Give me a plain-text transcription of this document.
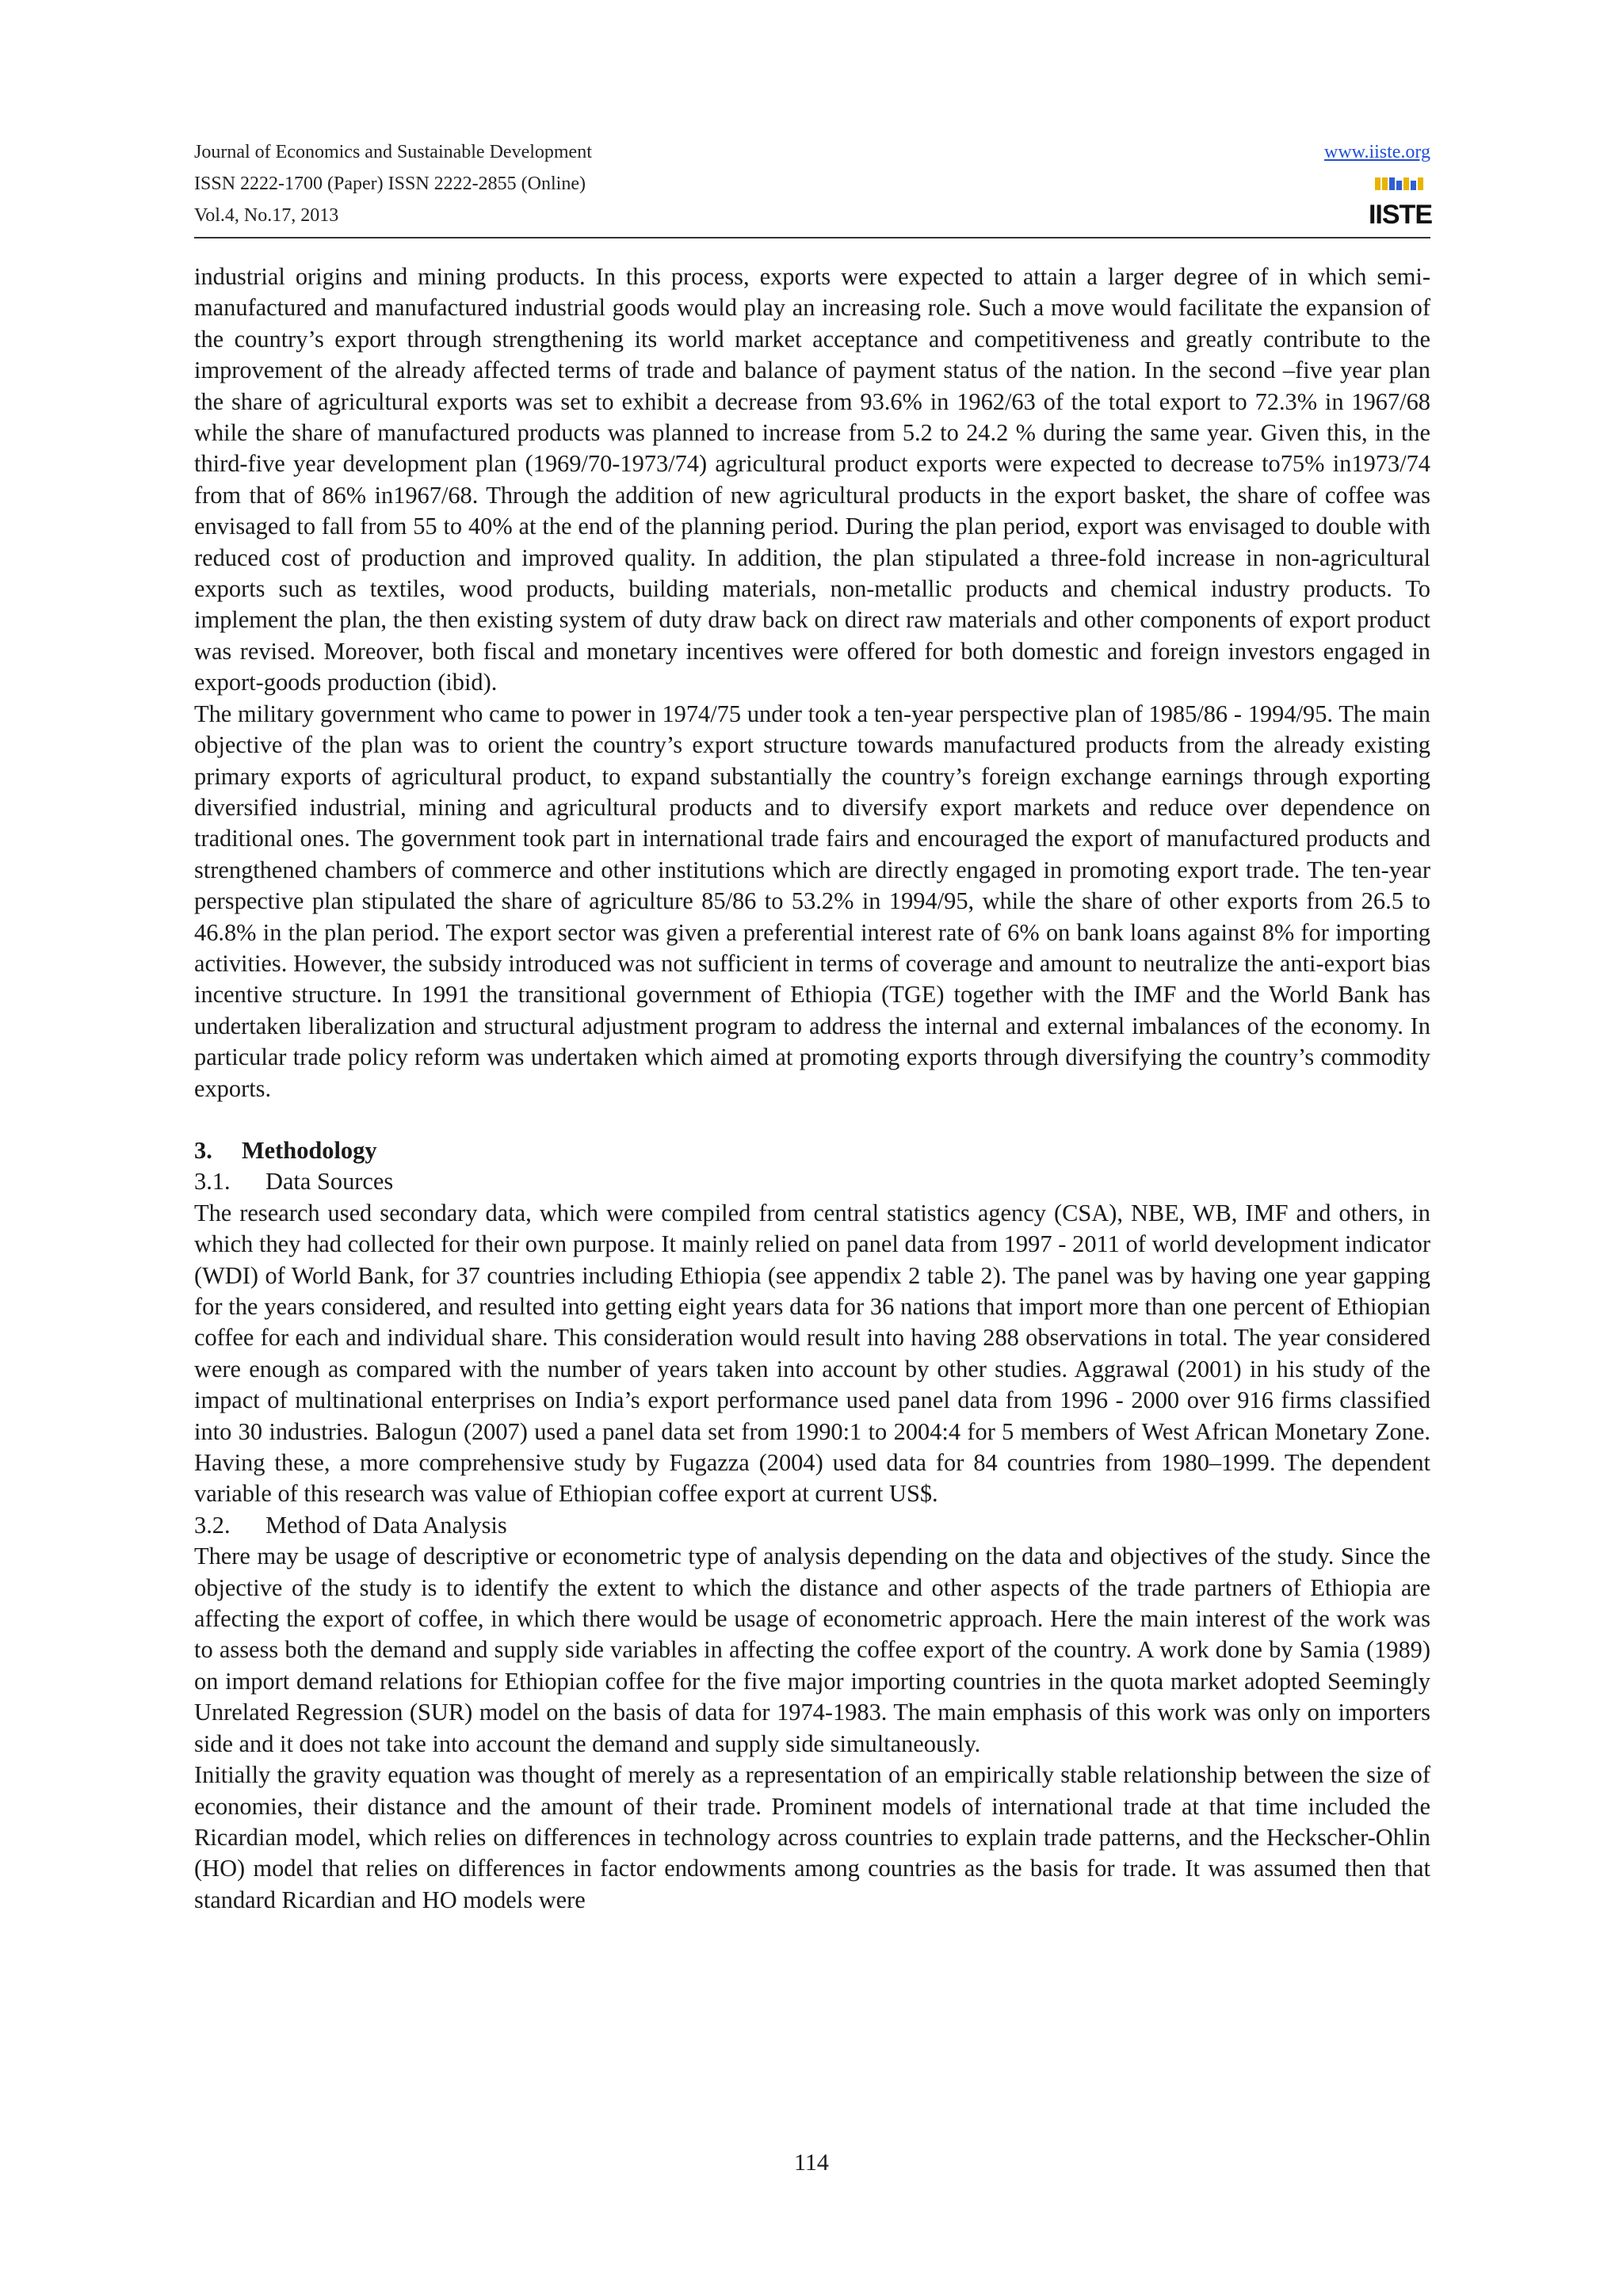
Journal of Economics and Sustainable Development
ISSN 2222-1700 (Paper) ISSN 2222-2855 (Online)
Vol.4, No.17, 2013
www.iiste.org
IISTE

industrial origins and mining products. In this process, exports were expected to attain a larger degree of in which semi-manufactured and manufactured industrial goods would play an increasing role. Such a move would facilitate the expansion of the country’s export through strengthening its world market acceptance and competitiveness and greatly contribute to the improvement of the already affected terms of trade and balance of payment status of the nation. In the second –five year plan the share of agricultural exports was set to exhibit a decrease from 93.6% in 1962/63 of the total export to 72.3% in 1967/68 while the share of manufactured products was planned to increase from 5.2 to 24.2 % during the same year. Given this, in the third-five year development plan (1969/70-1973/74) agricultural product exports were expected to decrease to75% in1973/74 from that of 86% in1967/68. Through the addition of new agricultural products in the export basket, the share of coffee was envisaged to fall from 55 to 40% at the end of the planning period. During the plan period, export was envisaged to double with reduced cost of production and improved quality. In addition, the plan stipulated a three-fold increase in non-agricultural exports such as textiles, wood products, building materials, non-metallic products and chemical industry products. To implement the plan, the then existing system of duty draw back on direct raw materials and other components of export product was revised. Moreover, both fiscal and monetary incentives were offered for both domestic and foreign investors engaged in export-goods production (ibid).

The military government who came to power in 1974/75 under took a ten-year perspective plan of 1985/86 - 1994/95. The main objective of the plan was to orient the country’s export structure towards manufactured products from the already existing primary exports of agricultural product, to expand substantially the country’s foreign exchange earnings through exporting diversified industrial, mining and agricultural products and to diversify export markets and reduce over dependence on traditional ones. The government took part in international trade fairs and encouraged the export of manufactured products and strengthened chambers of commerce and other institutions which are directly engaged in promoting export trade. The ten-year perspective plan stipulated the share of agriculture 85/86 to 53.2% in 1994/95, while the share of other exports from 26.5 to 46.8% in the plan period. The export sector was given a preferential interest rate of 6% on bank loans against 8% for importing activities. However, the subsidy introduced was not sufficient in terms of coverage and amount to neutralize the anti-export bias incentive structure. In 1991 the transitional government of Ethiopia (TGE) together with the IMF and the World Bank has undertaken liberalization and structural adjustment program to address the internal and external imbalances of the economy. In particular trade policy reform was undertaken which aimed at promoting exports through diversifying the country’s commodity exports.

3. Methodology

3.1. Data Sources

The research used secondary data, which were compiled from central statistics agency (CSA), NBE, WB, IMF and others, in which they had collected for their own purpose. It mainly relied on panel data from 1997 - 2011 of world development indicator (WDI) of World Bank, for 37 countries including Ethiopia (see appendix 2 table 2). The panel was by having one year gapping for the years considered, and resulted into getting eight years data for 36 nations that import more than one percent of Ethiopian coffee for each and individual share. This consideration would result into having 288 observations in total. The year considered were enough as compared with the number of years taken into account by other studies. Aggrawal (2001) in his study of the impact of multinational enterprises on India’s export performance used panel data from 1996 - 2000 over 916 firms classified into 30 industries. Balogun (2007) used a panel data set from 1990:1 to 2004:4 for 5 members of West African Monetary Zone. Having these, a more comprehensive study by Fugazza (2004) used data for 84 countries from 1980–1999. The dependent variable of this research was value of Ethiopian coffee export at current US$.

3.2. Method of Data Analysis

There may be usage of descriptive or econometric type of analysis depending on the data and objectives of the study. Since the objective of the study is to identify the extent to which the distance and other aspects of the trade partners of Ethiopia are affecting the export of coffee, in which there would be usage of econometric approach. Here the main interest of the work was to assess both the demand and supply side variables in affecting the coffee export of the country. A work done by Samia (1989) on import demand relations for Ethiopian coffee for the five major importing countries in the quota market adopted Seemingly Unrelated Regression (SUR) model on the basis of data for 1974-1983. The main emphasis of this work was only on importers side and it does not take into account the demand and supply side simultaneously.

Initially the gravity equation was thought of merely as a representation of an empirically stable relationship between the size of economies, their distance and the amount of their trade. Prominent models of international trade at that time included the Ricardian model, which relies on differences in technology across countries to explain trade patterns, and the Heckscher-Ohlin (HO) model that relies on differences in factor endowments among countries as the basis for trade. It was assumed then that standard Ricardian and HO models were

114
